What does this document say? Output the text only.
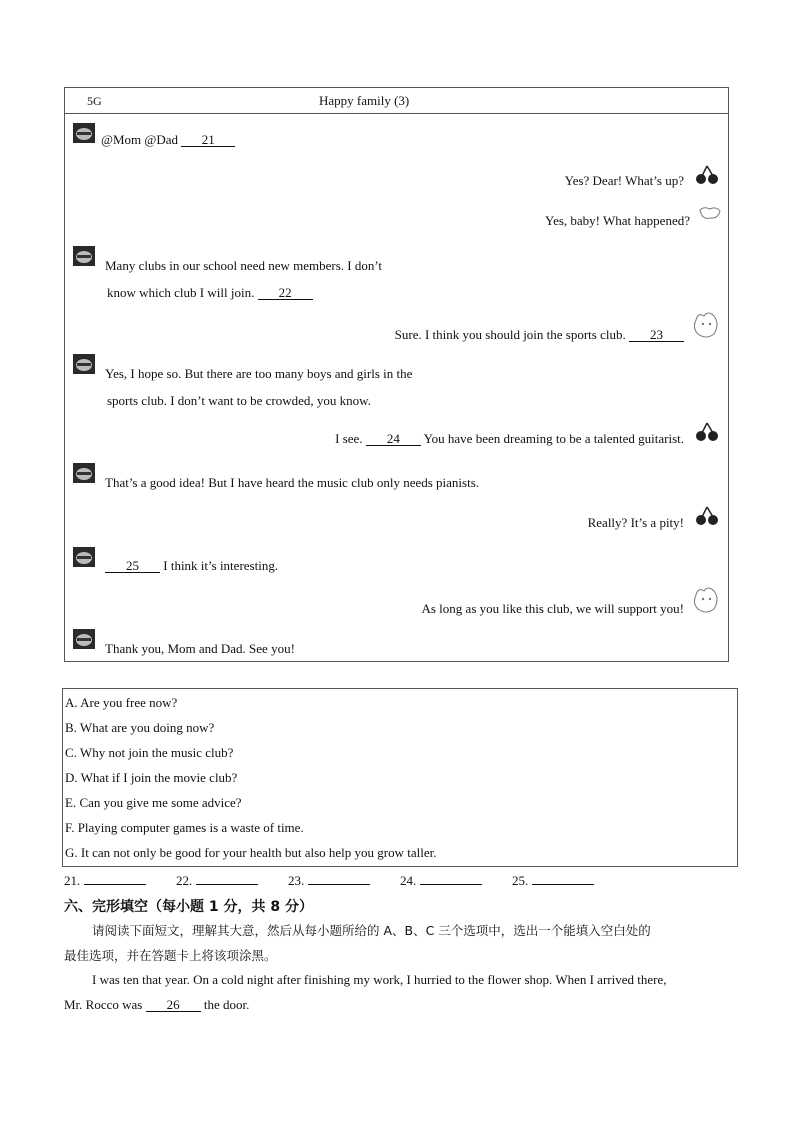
5G	Happy family (3)
@Mom @Dad 21
Yes? Dear! What’s up?
Yes, baby! What happened?
Many clubs in our school need new members. I don’t
know which club I will join. 22
Sure. I think you should join the sports club. 23
Yes, I hope so. But there are too many boys and girls in the
sports club. I don’t want to be crowded, you know.
I see. 24 You have been dreaming to be a talented guitarist.
That’s a good idea! But I have heard the music club only needs pianists.
Really? It’s a pity!
25 I think it’s interesting.
As long as you like this club, we will support you!
Thank you, Mom and Dad. See you!
A. Are you free now?
B. What are you doing now?
C. Why not join the music club?
D. What if I join the movie club?
E. Can you give me some advice?
F. Playing computer games is a waste of time.
G. It can not only be good for your health but also help you grow taller.
21.	22.	23.	24.	25.
六、完形填空（每小题 1 分，共 8 分）
请阅读下面短文，理解其大意，然后从每小题所给的 A、B、C 三个选项中，选出一个能填入空白处的
最佳选项，并在答题卡上将该项涂黑。
I was ten that year. On a cold night after finishing my work, I hurried to the flower shop. When I arrived there,
Mr. Rocco was 26 the door.
